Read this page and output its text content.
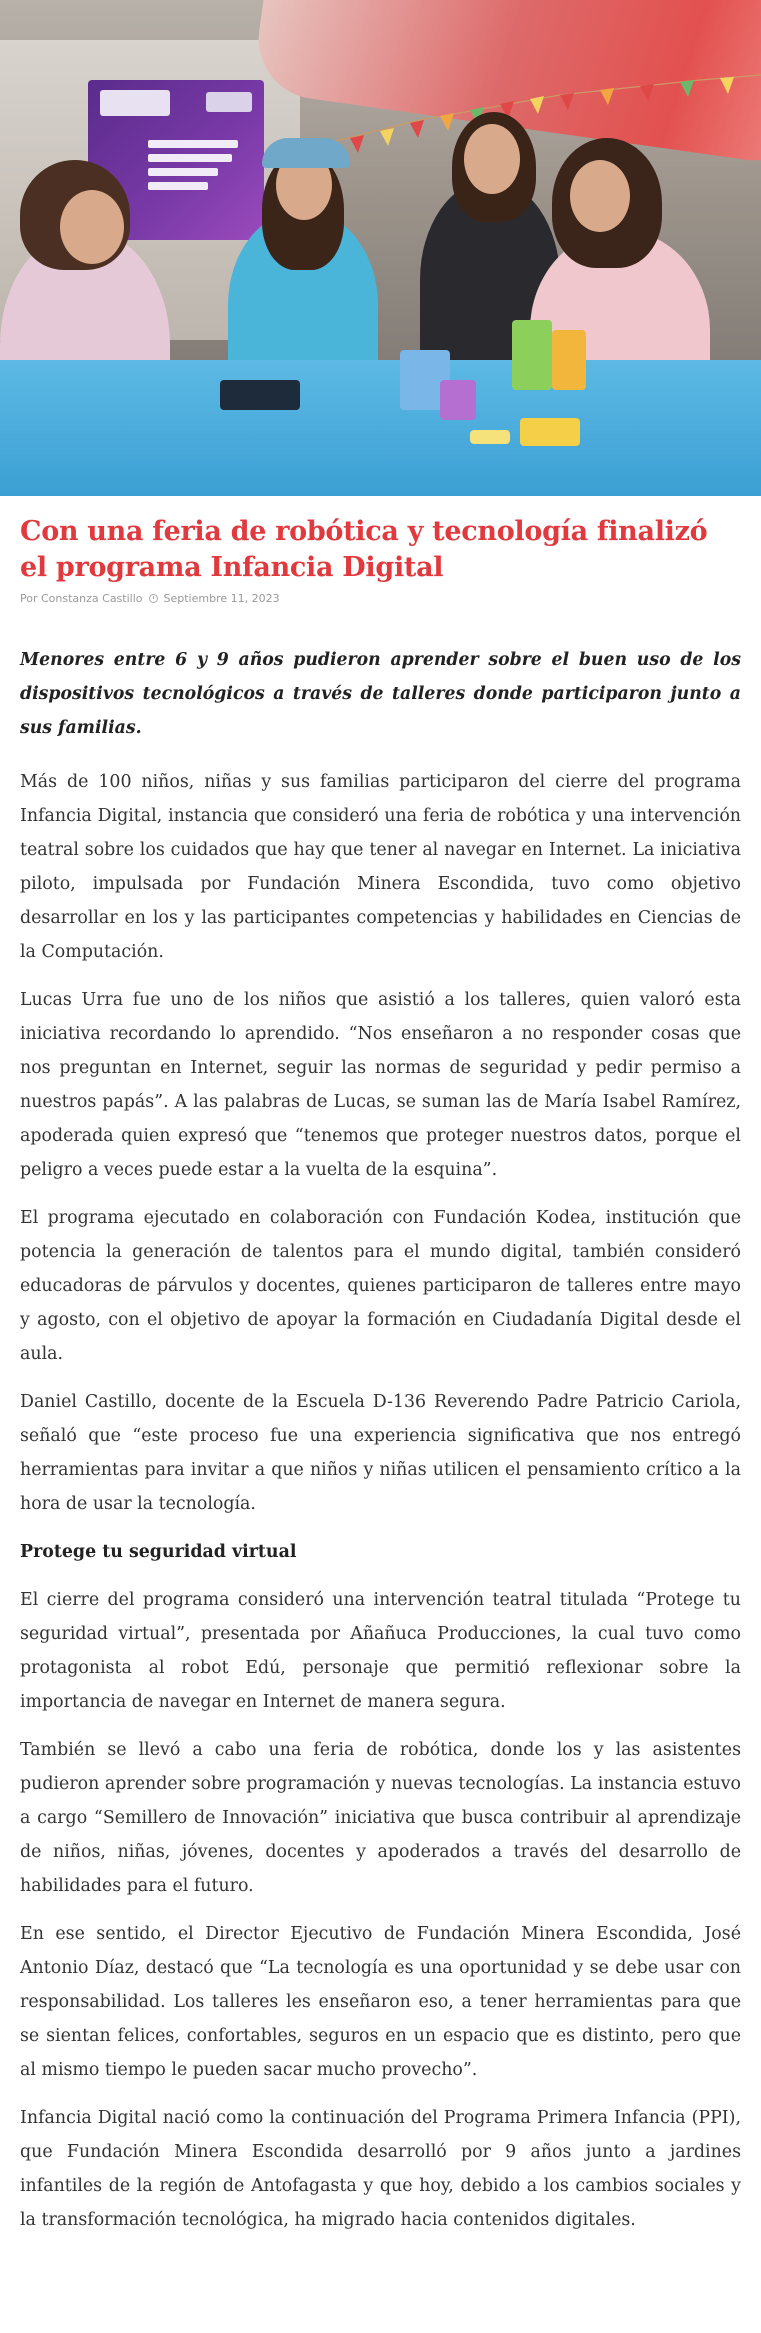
Con una feria de robótica y tecnología finalizó el programa Infancia Digital
Por Constanza Castillo Septiembre 11, 2023

Menores entre 6 y 9 años pudieron aprender sobre el buen uso de los dispositivos tecnológicos a través de talleres donde participaron junto a sus familias.

Más de 100 niños, niñas y sus familias participaron del cierre del programa Infancia Digital, instancia que consideró una feria de robótica y una intervención teatral sobre los cuidados que hay que tener al navegar en Internet. La iniciativa piloto, impulsada por Fundación Minera Escondida, tuvo como objetivo desarrollar en los y las participantes competencias y habilidades en Ciencias de la Computación.

Lucas Urra fue uno de los niños que asistió a los talleres, quien valoró esta iniciativa recordando lo aprendido. “Nos enseñaron a no responder cosas que nos preguntan en Internet, seguir las normas de seguridad y pedir permiso a nuestros papás”. A las palabras de Lucas, se suman las de María Isabel Ramírez, apoderada quien expresó que “tenemos que proteger nuestros datos, porque el peligro a veces puede estar a la vuelta de la esquina”.

El programa ejecutado en colaboración con Fundación Kodea, institución que potencia la generación de talentos para el mundo digital, también consideró educadoras de párvulos y docentes, quienes participaron de talleres entre mayo y agosto, con el objetivo de apoyar la formación en Ciudadanía Digital desde el aula.

Daniel Castillo, docente de la Escuela D-136 Reverendo Padre Patricio Cariola, señaló que “este proceso fue una experiencia significativa que nos entregó herramientas para invitar a que niños y niñas utilicen el pensamiento crítico a la hora de usar la tecnología.

Protege tu seguridad virtual

El cierre del programa consideró una intervención teatral titulada “Protege tu seguridad virtual”, presentada por Añañuca Producciones, la cual tuvo como protagonista al robot Edú, personaje que permitió reflexionar sobre la importancia de navegar en Internet de manera segura.

También se llevó a cabo una feria de robótica, donde los y las asistentes pudieron aprender sobre programación y nuevas tecnologías. La instancia estuvo a cargo “Semillero de Innovación” iniciativa que busca contribuir al aprendizaje de niños, niñas, jóvenes, docentes y apoderados a través del desarrollo de habilidades para el futuro.

En ese sentido, el Director Ejecutivo de Fundación Minera Escondida, José Antonio Díaz, destacó que “La tecnología es una oportunidad y se debe usar con responsabilidad. Los talleres les enseñaron eso, a tener herramientas para que se sientan felices, confortables, seguros en un espacio que es distinto, pero que al mismo tiempo le pueden sacar mucho provecho”.

Infancia Digital nació como la continuación del Programa Primera Infancia (PPI), que Fundación Minera Escondida desarrolló por 9 años junto a jardines infantiles de la región de Antofagasta y que hoy, debido a los cambios sociales y la transformación tecnológica, ha migrado hacia contenidos digitales.
